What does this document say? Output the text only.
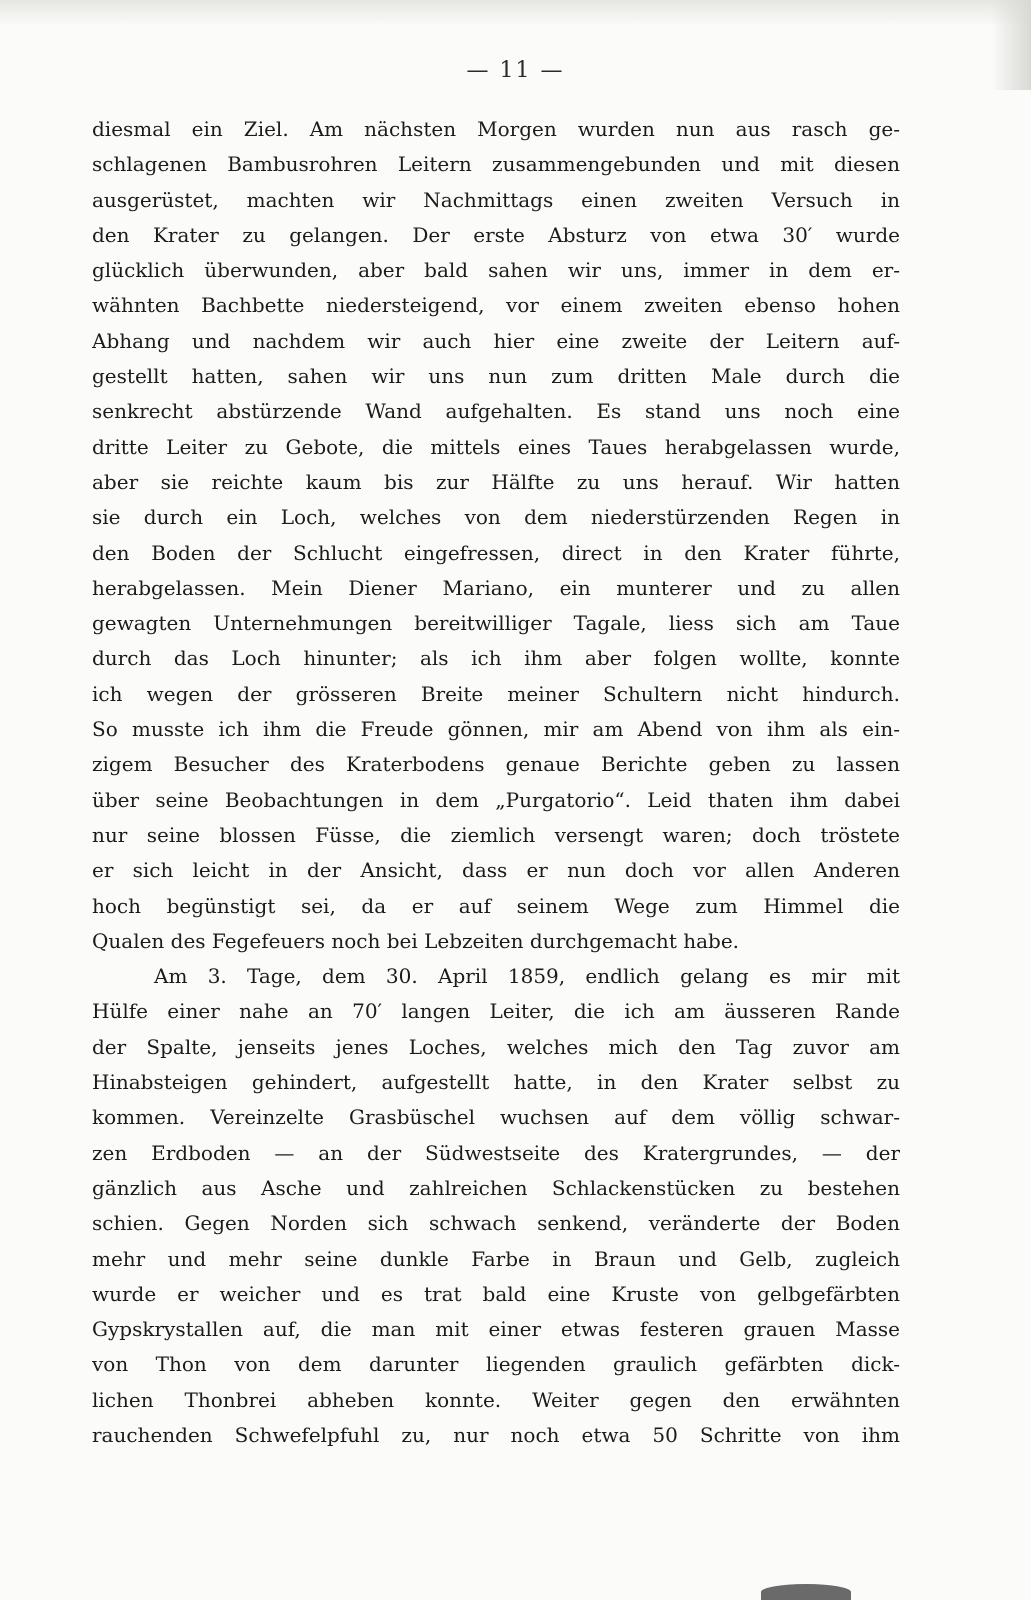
— 11 —
diesmal ein Ziel. Am nächsten Morgen wurden nun aus rasch ge-
schlagenen Bambusrohren Leitern zusammengebunden und mit diesen
ausgerüstet, machten wir Nachmittags einen zweiten Versuch in
den Krater zu gelangen. Der erste Absturz von etwa 30′ wurde
glücklich überwunden, aber bald sahen wir uns, immer in dem er-
wähnten Bachbette niedersteigend, vor einem zweiten ebenso hohen
Abhang und nachdem wir auch hier eine zweite der Leitern auf-
gestellt hatten, sahen wir uns nun zum dritten Male durch die
senkrecht abstürzende Wand aufgehalten. Es stand uns noch eine
dritte Leiter zu Gebote, die mittels eines Taues herabgelassen wurde,
aber sie reichte kaum bis zur Hälfte zu uns herauf. Wir hatten
sie durch ein Loch, welches von dem niederstürzenden Regen in
den Boden der Schlucht eingefressen, direct in den Krater führte,
herabgelassen. Mein Diener Mariano, ein munterer und zu allen
gewagten Unternehmungen bereitwilliger Tagale, liess sich am Taue
durch das Loch hinunter; als ich ihm aber folgen wollte, konnte
ich wegen der grösseren Breite meiner Schultern nicht hindurch.
So musste ich ihm die Freude gönnen, mir am Abend von ihm als ein-
zigem Besucher des Kraterbodens genaue Berichte geben zu lassen
über seine Beobachtungen in dem „Purgatorio“. Leid thaten ihm dabei
nur seine blossen Füsse, die ziemlich versengt waren; doch tröstete
er sich leicht in der Ansicht, dass er nun doch vor allen Anderen
hoch begünstigt sei, da er auf seinem Wege zum Himmel die
Qualen des Fegefeuers noch bei Lebzeiten durchgemacht habe.
Am 3. Tage, dem 30. April 1859, endlich gelang es mir mit
Hülfe einer nahe an 70′ langen Leiter, die ich am äusseren Rande
der Spalte, jenseits jenes Loches, welches mich den Tag zuvor am
Hinabsteigen gehindert, aufgestellt hatte, in den Krater selbst zu
kommen. Vereinzelte Grasbüschel wuchsen auf dem völlig schwar-
zen Erdboden — an der Südwestseite des Kratergrundes, — der
gänzlich aus Asche und zahlreichen Schlackenstücken zu bestehen
schien. Gegen Norden sich schwach senkend, veränderte der Boden
mehr und mehr seine dunkle Farbe in Braun und Gelb, zugleich
wurde er weicher und es trat bald eine Kruste von gelbgefärbten
Gypskrystallen auf, die man mit einer etwas festeren grauen Masse
von Thon von dem darunter liegenden graulich gefärbten dick-
lichen Thonbrei abheben konnte. Weiter gegen den erwähnten
rauchenden Schwefelpfuhl zu, nur noch etwa 50 Schritte von ihm
